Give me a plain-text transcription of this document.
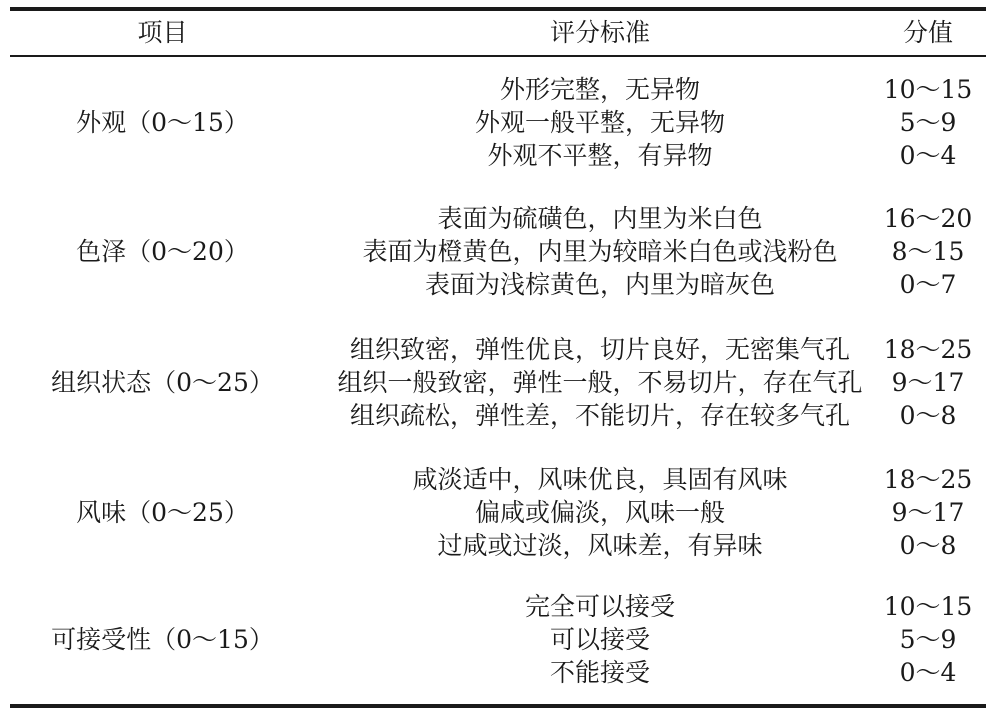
项目	评分标准	分值
外观（0～15）
外形完整，无异物
外观一般平整，无异物
外观不平整，有异物
10～15
5～9
0～4
色泽（0～20）
表面为硫磺色，内里为米白色
表面为橙黄色，内里为较暗米白色或浅粉色
表面为浅棕黄色，内里为暗灰色
16～20
8～15
0～7
组织状态（0～25）
组织致密，弹性优良，切片良好，无密集气孔
组织一般致密，弹性一般，不易切片，存在气孔
组织疏松，弹性差，不能切片，存在较多气孔
18～25
9～17
0～8
风味（0～25）
咸淡适中，风味优良，具固有风味
偏咸或偏淡，风味一般
过咸或过淡，风味差，有异味
18～25
9～17
0～8
可接受性（0～15）
完全可以接受
可以接受
不能接受
10～15
5～9
0～4
